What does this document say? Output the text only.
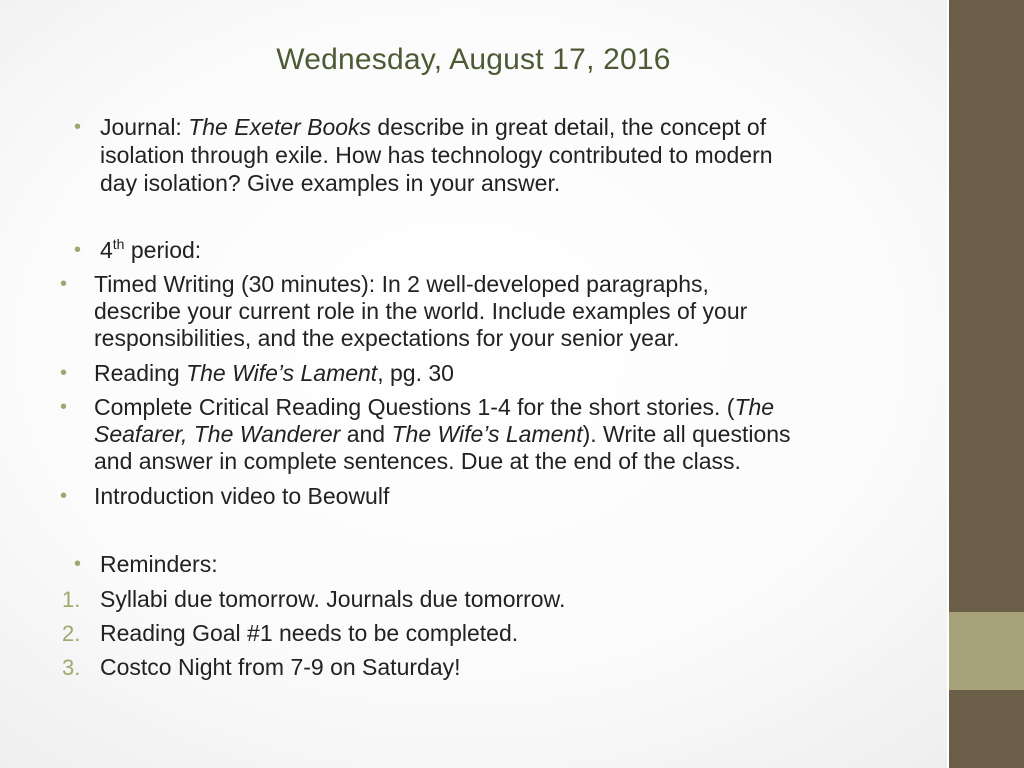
Wednesday, August 17, 2016
• Journal: The Exeter Books describe in great detail, the concept of
isolation through exile. How has technology contributed to modern
day isolation? Give examples in your answer.
• 4th period:
• Timed Writing (30 minutes): In 2 well-developed paragraphs,
describe your current role in the world. Include examples of your
responsibilities, and the expectations for your senior year.
• Reading The Wife’s Lament, pg. 30
• Complete Critical Reading Questions 1-4 for the short stories. (The
Seafarer, The Wanderer and The Wife’s Lament). Write all questions
and answer in complete sentences. Due at the end of the class.
• Introduction video to Beowulf
• Reminders:
1. Syllabi due tomorrow. Journals due tomorrow.
2. Reading Goal #1 needs to be completed.
3. Costco Night from 7-9 on Saturday!
